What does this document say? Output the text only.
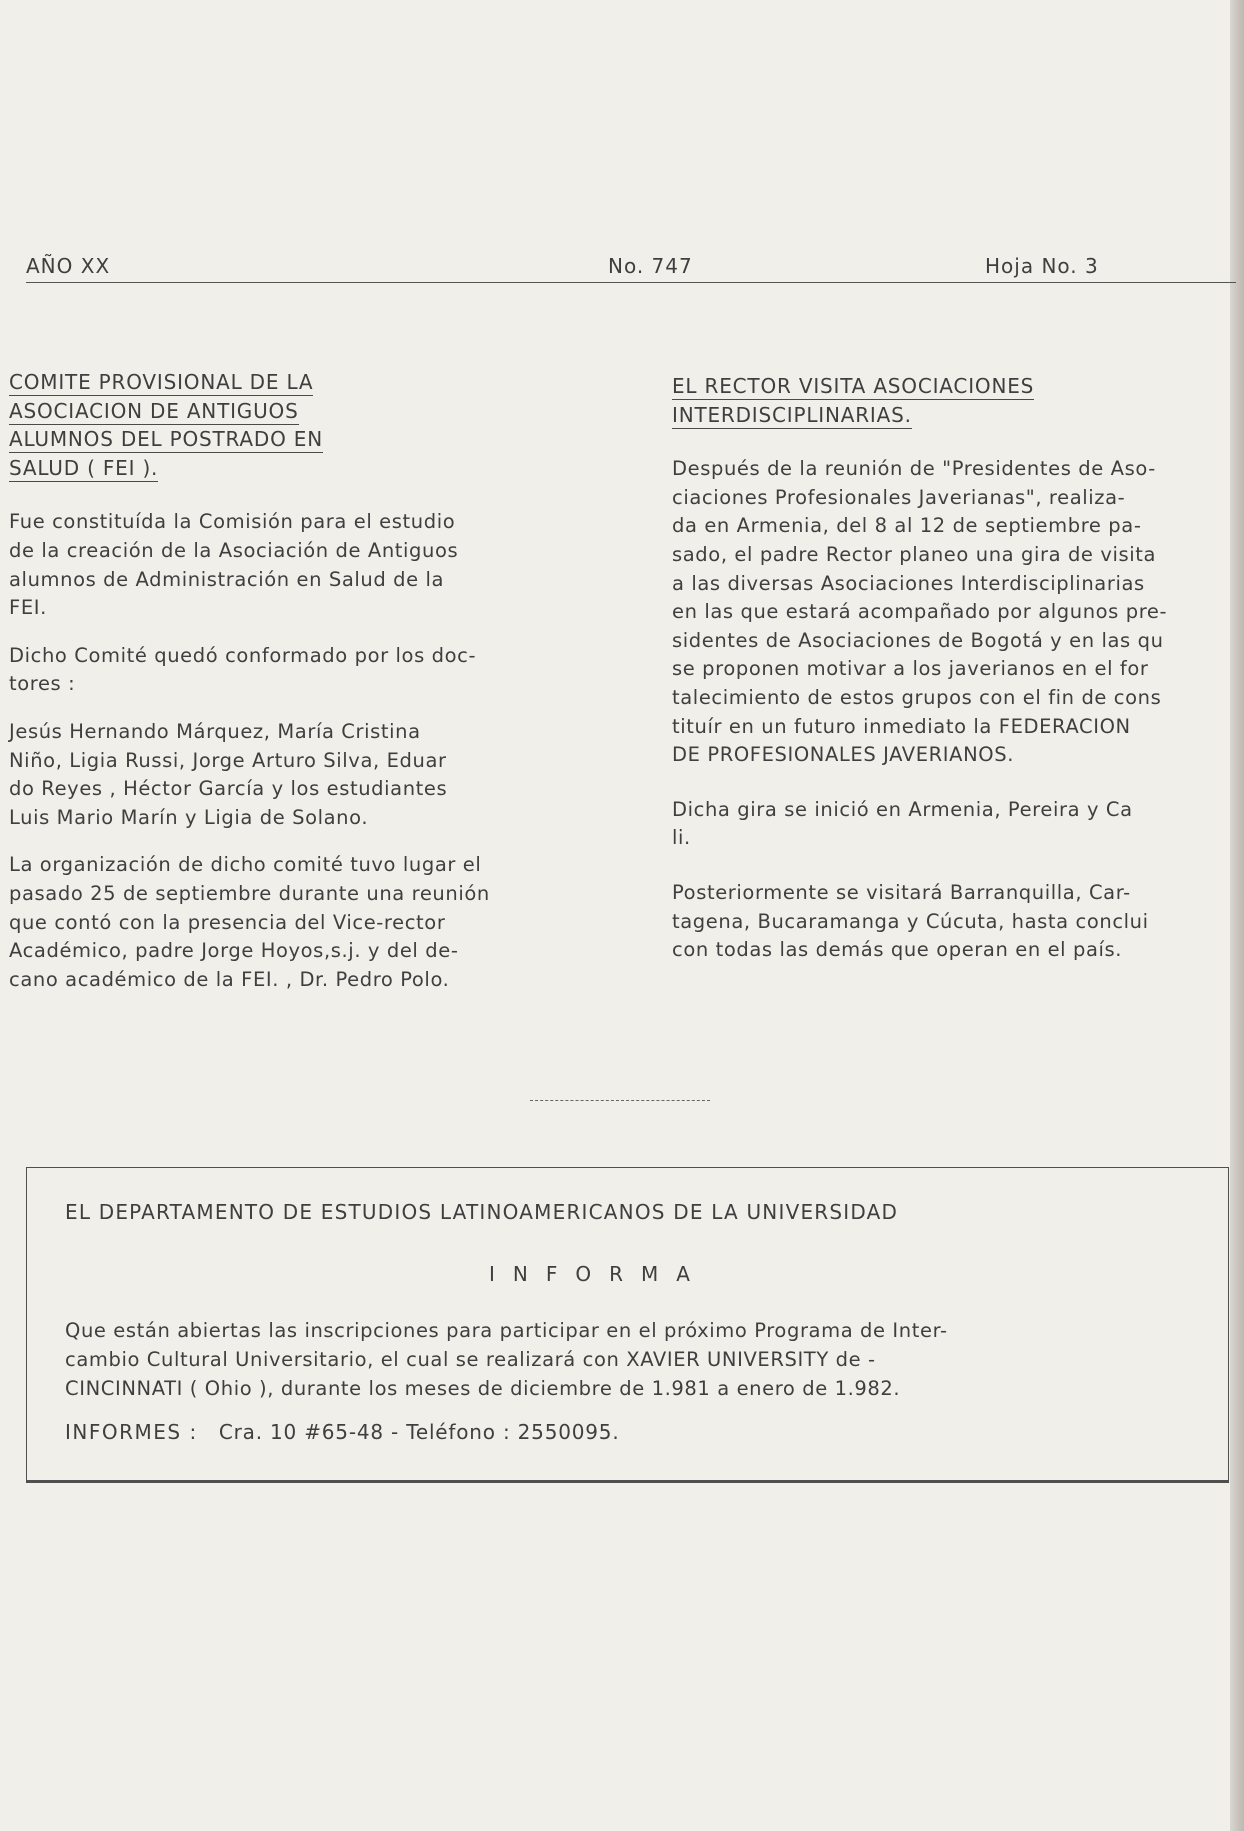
AÑO XX	No. 747	Hoja No. 3
COMITE PROVISIONAL DE LA
ASOCIACION DE ANTIGUOS
ALUMNOS DEL POSTRADO EN
SALUD ( FEI ).

Fue constituída la Comisión para el estudio
de la creación de la Asociación de Antiguos
alumnos de Administración en Salud de la
FEI.

Dicho Comité quedó conformado por los doc-
tores :

Jesús Hernando Márquez, María Cristina
Niño, Ligia Russi, Jorge Arturo Silva, Eduar
do Reyes , Héctor García y los estudiantes
Luis Mario Marín y Ligia de Solano.

La organización de dicho comité tuvo lugar el
pasado 25 de septiembre durante una reunión
que contó con la presencia del Vice-rector
Académico, padre Jorge Hoyos,s.j. y del de-
cano académico de la FEI. , Dr. Pedro Polo.

EL RECTOR VISITA ASOCIACIONES
INTERDISCIPLINARIAS.

Después de la reunión de "Presidentes de Aso-
ciaciones Profesionales Javerianas", realiza-
da en Armenia, del 8 al 12 de septiembre pa-
sado, el padre Rector planeo una gira de visita
a las diversas Asociaciones Interdisciplinarias
en las que estará acompañado por algunos pre-
sidentes de Asociaciones de Bogotá y en las qu
se proponen motivar a los javerianos en el for
talecimiento de estos grupos con el fin de cons
tituír en un futuro inmediato la FEDERACION
DE PROFESIONALES JAVERIANOS.

Dicha gira se inició en Armenia, Pereira y Ca
li.

Posteriormente se visitará Barranquilla, Car-
tagena, Bucaramanga y Cúcuta, hasta conclui
con todas las demás que operan en el país.

EL DEPARTAMENTO DE ESTUDIOS LATINOAMERICANOS DE LA UNIVERSIDAD
INFORMA
Que están abiertas las inscripciones para participar en el próximo Programa de Inter-
cambio Cultural Universitario, el cual se realizará con XAVIER UNIVERSITY de -
CINCINNATI ( Ohio ), durante los meses de diciembre de 1.981 a enero de 1.982.
INFORMES : Cra. 10 #65-48 - Teléfono : 2550095.
